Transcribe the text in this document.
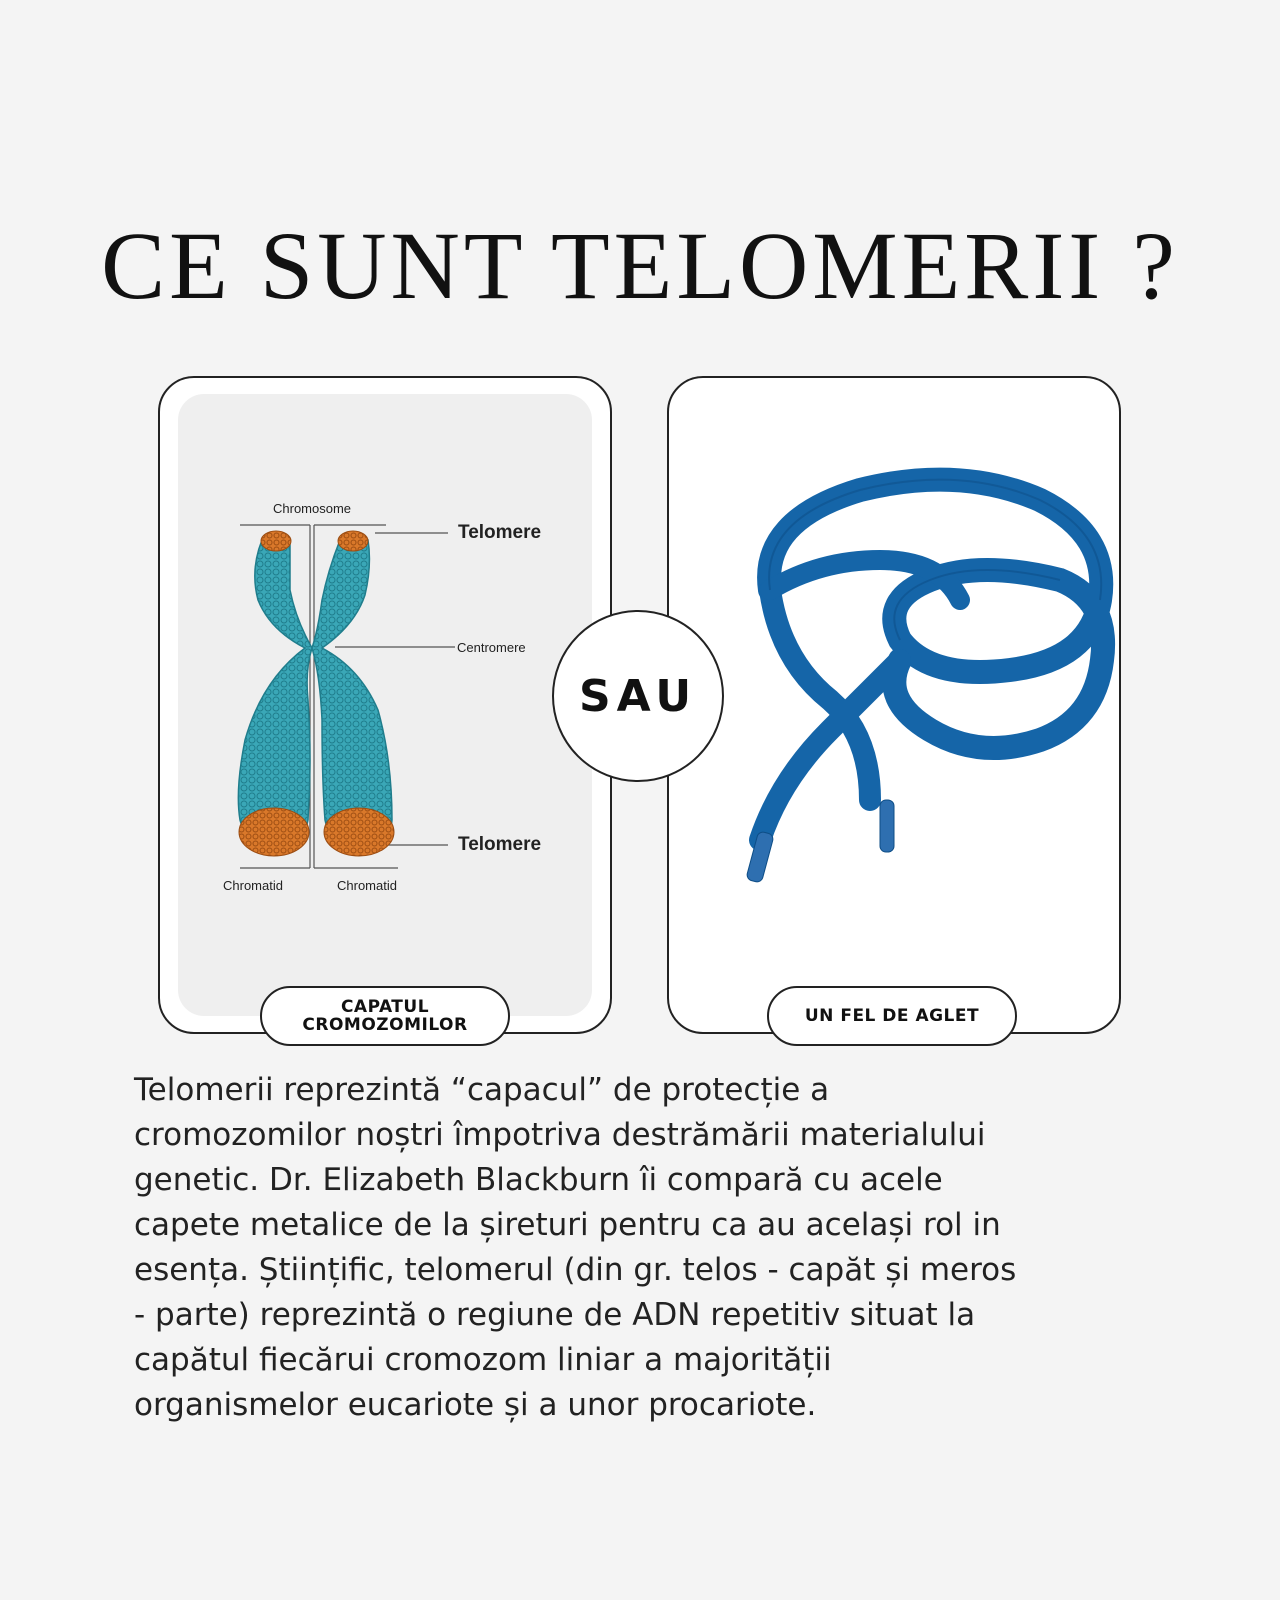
CE SUNT TELOMERII ?
Chromosome
Telomere
Centromere
Telomere
Chromatid	Chromatid
CAPATUL
CROMOZOMILOR	UN FEL DE AGLET
SAU

Telomerii reprezintă “capacul” de protecție a
cromozomilor noștri împotriva destrămării materialului
genetic. Dr. Elizabeth Blackburn îi compară cu acele
capete metalice de la șireturi pentru ca au același rol in
esența. Științific, telomerul (din gr. telos - capăt și meros
- parte) reprezintă o regiune de ADN repetitiv situat la
capătul fiecărui cromozom liniar a majorității
organismelor eucariote și a unor procariote.
